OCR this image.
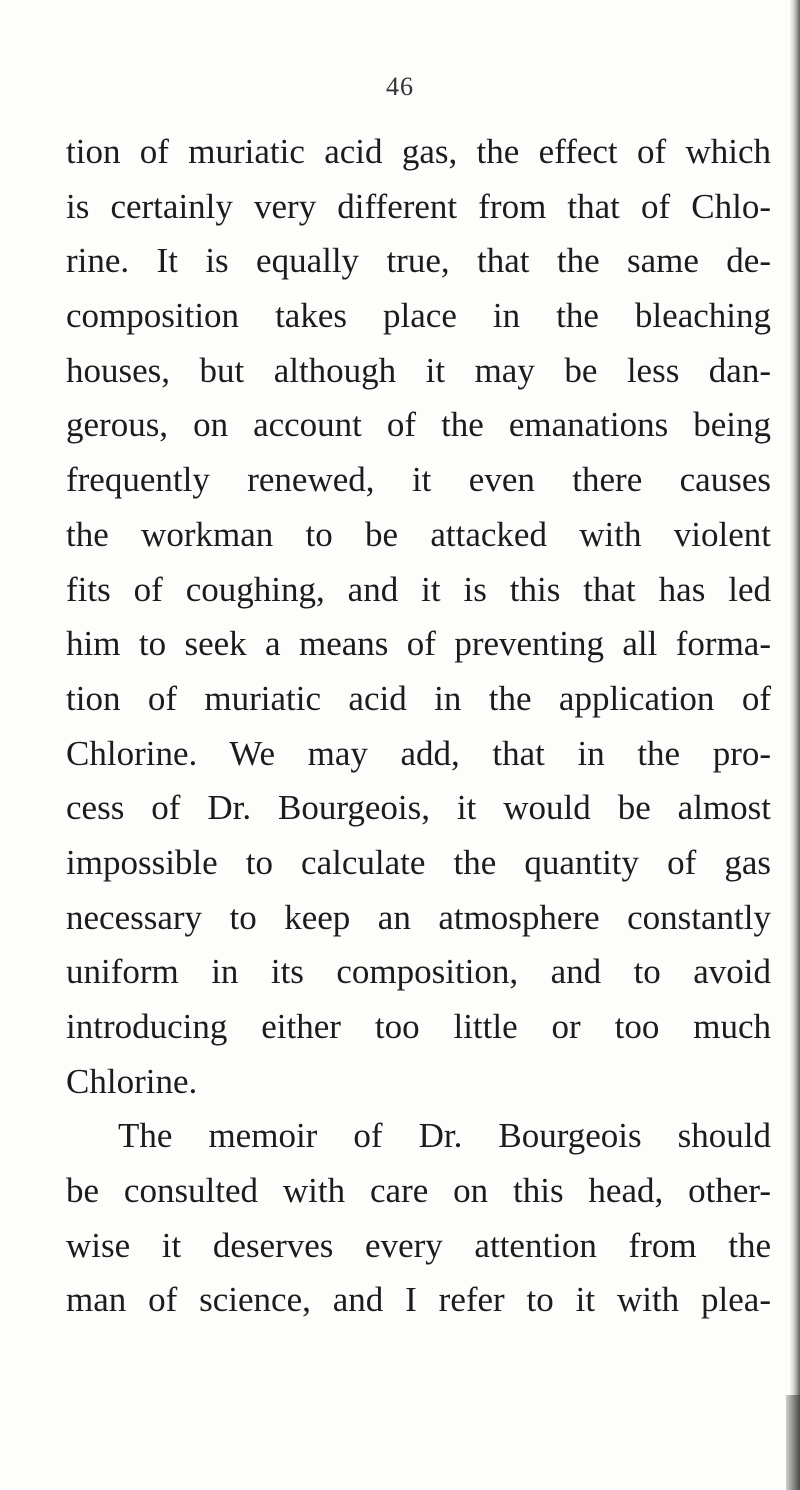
46
tion of muriatic acid gas, the effect of which
is certainly very different from that of Chlo-
rine. It is equally true, that the same de-
composition takes place in the bleaching
houses, but although it may be less dan-
gerous, on account of the emanations being
frequently renewed, it even there causes
the workman to be attacked with violent
fits of coughing, and it is this that has led
him to seek a means of preventing all forma-
tion of muriatic acid in the application of
Chlorine. We may add, that in the pro-
cess of Dr. Bourgeois, it would be almost
impossible to calculate the quantity of gas
necessary to keep an atmosphere constantly
uniform in its composition, and to avoid
introducing either too little or too much
Chlorine.
The memoir of Dr. Bourgeois should
be consulted with care on this head, other-
wise it deserves every attention from the
man of science, and I refer to it with plea-
